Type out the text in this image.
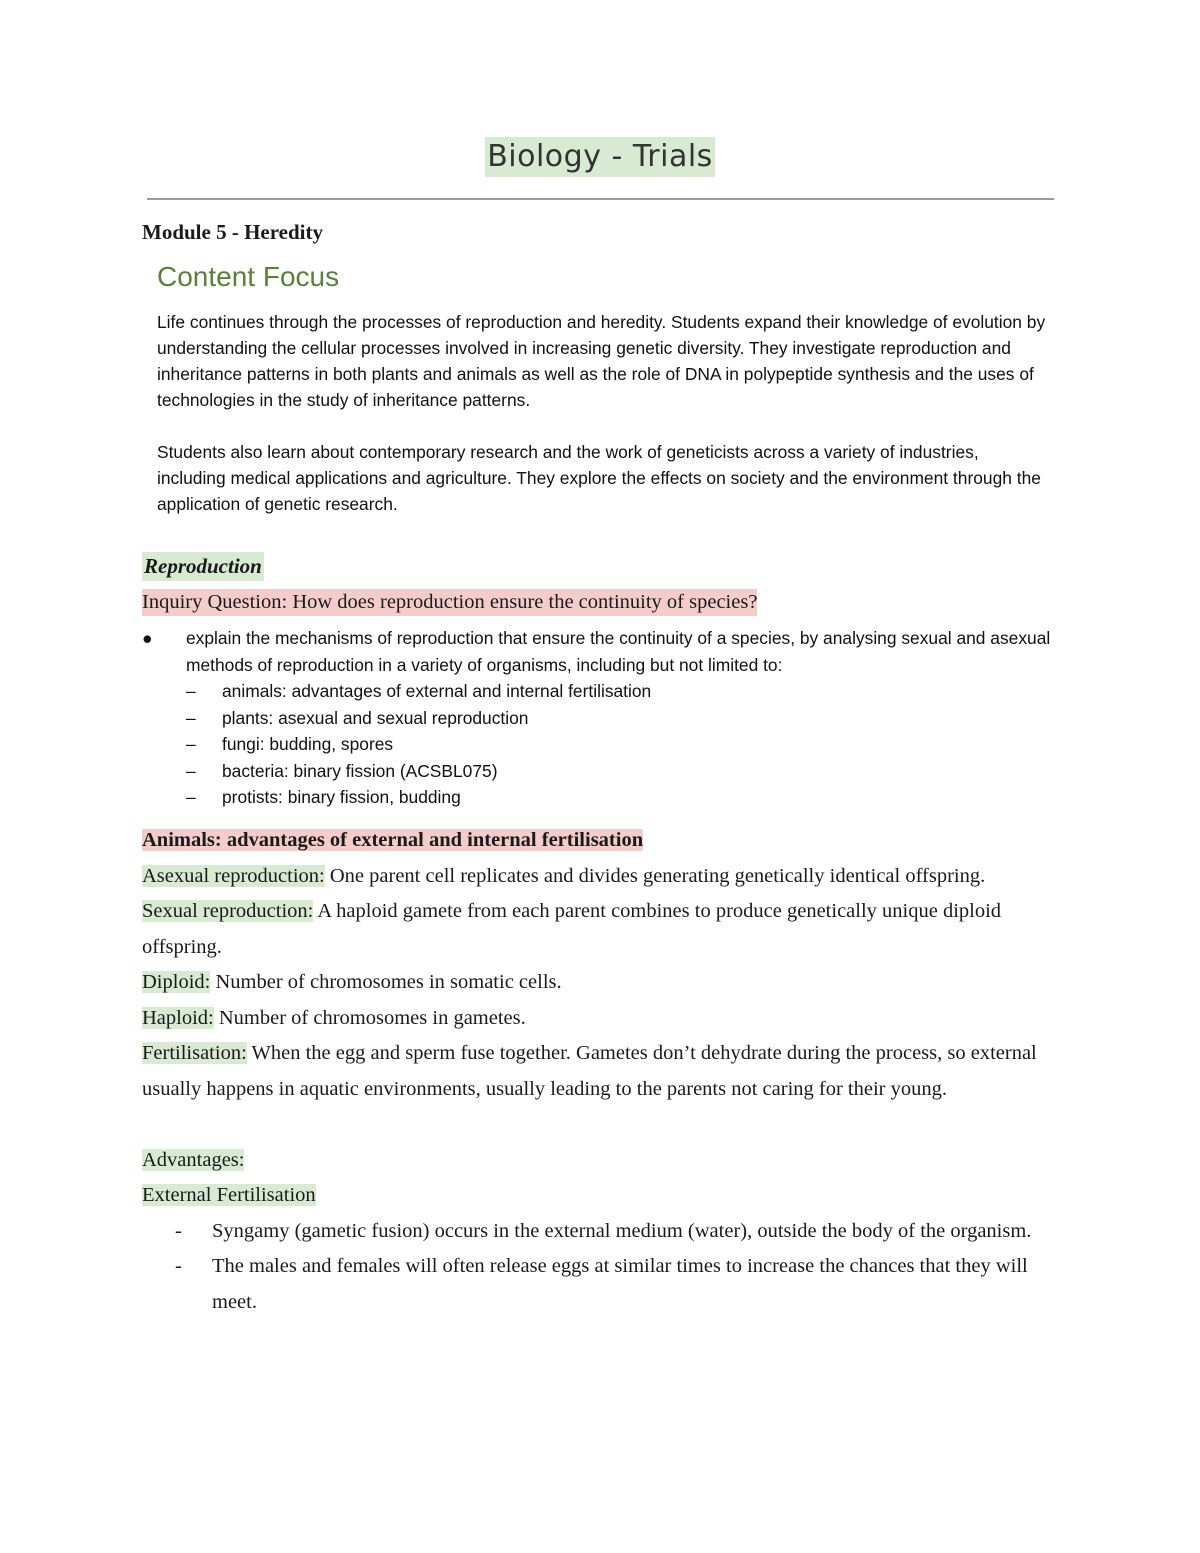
Biology - Trials
Module 5 - Heredity
Content Focus

Life continues through the processes of reproduction and heredity. Students expand their knowledge of evolution by understanding the cellular processes involved in increasing genetic diversity. They investigate reproduction and inheritance patterns in both plants and animals as well as the role of DNA in polypeptide synthesis and the uses of technologies in the study of inheritance patterns.

Students also learn about contemporary research and the work of geneticists across a variety of industries, including medical applications and agriculture. They explore the effects on society and the environment through the application of genetic research.

Reproduction
Inquiry Question: How does reproduction ensure the continuity of species?
●	explain the mechanisms of reproduction that ensure the continuity of a species, by analysing sexual and asexual methods of reproduction in a variety of organisms, including but not limited to:
– animals: advantages of external and internal fertilisation
– plants: asexual and sexual reproduction
– fungi: budding, spores
– bacteria: binary fission (ACSBL075)
– protists: binary fission, budding

Animals: advantages of external and internal fertilisation

Asexual reproduction: One parent cell replicates and divides generating genetically identical offspring.

Sexual reproduction: A haploid gamete from each parent combines to produce genetically unique diploid offspring.

Diploid: Number of chromosomes in somatic cells.

Haploid: Number of chromosomes in gametes.

Fertilisation: When the egg and sperm fuse together. Gametes don’t dehydrate during the process, so external usually happens in aquatic environments, usually leading to the parents not caring for their young.

Advantages:

External Fertilisation

- Syngamy (gametic fusion) occurs in the external medium (water), outside the body of the organism.
- The males and females will often release eggs at similar times to increase the chances that they will meet.
